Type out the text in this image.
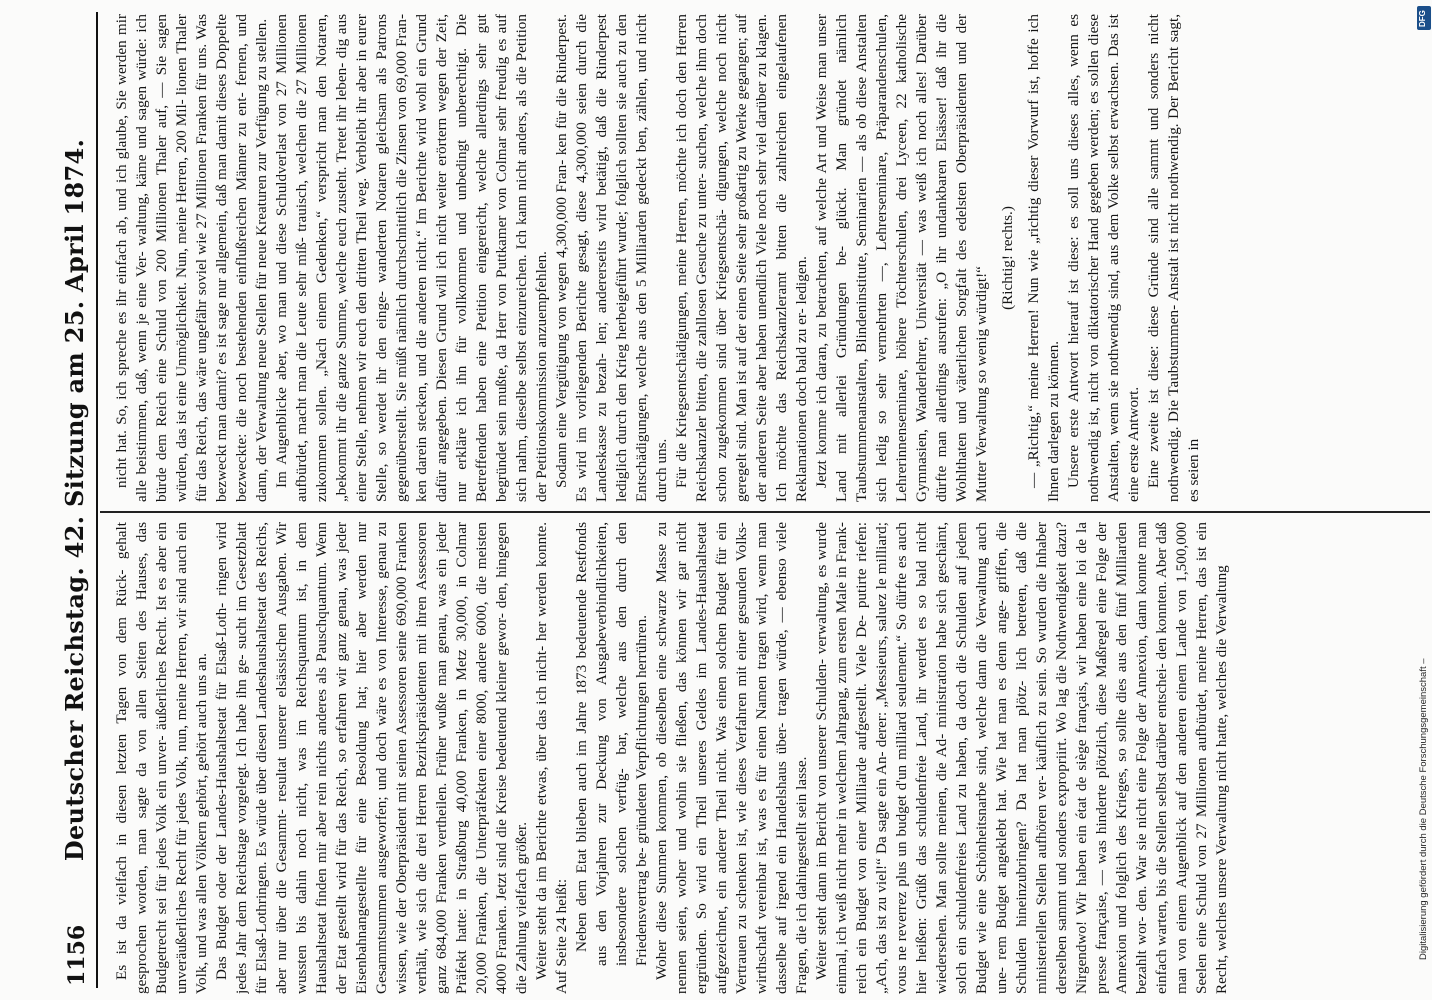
1156
Deutscher Reichstag. 42. Sitzung am 25. April 1874. Es ist da vielfach in diesen letzten Tagen von dem Rück- gehalt gesprochen worden, man sagte da von allen Seiten des Hauses, das Budgetrecht sei für jedes Volk ein unver- äußerliches Recht. Ist es aber ein unveräußerliches Recht für jedes Volk, nun, meine Herren, wir sind auch ein Volk, und was allen Völkern gehört, gehört auch uns an. Das Budget oder der Landes-Haushaltsetat für Elsaß-Loth- ringen wird jedes Jahr dem Reichstage vorgelegt. Ich habe ihn ge- sucht im Gesetzblatt für Elsaß-Lothringen. Es würde über diesen Landeshaushaltsetat des Reichs, aber nur über die Gesammt- resultat unserer elsässischen Ausgaben. Wir wussten bis dahin noch nicht, was im Reichsquantum ist, in dem Haushaltsetat finden mir aber rein nichts anderes als Pauschquantum. Wenn der Etat gestellt wird für das Reich, so erfahren wir ganz genau, was jeder Eisenbahnangestellte für eine Besoldung hat; hier aber werden nur Gesammtsummen ausgeworfen; und doch wäre es von Interesse, genau zu wissen, wie der Oberpräsident mit seinen Assessoren seine 690,000 Franken verhält, wie sich die drei Herren Bezirkspräsidenten mit ihren Assessoren ganz 684,000 Franken vertheilen. Früher wußte man genau, was ein jeder Präfekt hatte: in Straßburg 40,000 Franken, in Metz 30,000, in Colmar 20,000 Franken, die Unterpräfekten einer 8000, andere 6000, die meisten 4000 Franken. Jetzt sind die Kreise bedeutend kleiner gewor- den, hingegen die Zahlung vielfach größer. Weiter steht da im Berichte etwas, über das ich nicht- her werden konnte. Auf Seite 24 heißt: Neben dem Etat blieben auch im Jahre 1873 bedeutende Restfonds aus den Vorjahren zur Deckung von Ausgabeverbindlichkeiten, insbesondere solchen verfüg- bar, welche aus den durch den Friedensvertrag be- gründeten Verpflichtungen herrühren. Woher diese Summen kommen, ob dieselben eine schwarze Masse zu nennen seien, woher und wohin sie fließen, das können wir gar nicht ergründen. So wird ein Theil unseres Geldes im Landes-Haushaltsetat aufgezeichnet, ein anderer Theil nicht. Was einen solchen Budget für ein Vertrauen zu schenken ist, wie dieses Verfahren mit einer gesunden Volks- wirthschaft vereinbar ist, was es für einen Namen tragen wird, wenn man dasselbe auf irgend ein Handelshaus über- tragen würde, — ebenso viele Fragen, die ich dahingestellt sein lasse. Weiter steht dann im Bericht von unserer Schulden- verwaltung, es wurde einmal, ich weiß nicht mehr in welchem Jahrgang, zum ersten Male in Frank- reich ein Budget von einer Milliarde aufgestellt. Viele De- putirte riefen: „Ach, das ist zu viel!“ Da sagte ein An- derer: „Messieurs, saluez le milliard; vous ne reverrez plus un budget d'un milliard seulement.“ So dürfte es auch hier heißen: Grüßt das schuldenfreie Land, ihr werdet es so bald nicht wiedersehen. Man sollte meinen, die Ad- ministration habe sich geschämt, solch ein schuldenfreies Land zu haben, da doch die Schulden auf jedem Budget wie eine Schönheitsnarbe sind, welche dann die Verwaltung auch une- rem Budget angeklebt hat. Wie hat man es denn ange- griffen, die Schulden hineinzubringen? Da hat man plötz- lich betreten, daß die ministeriellen Stellen aufhören ver- käuflich zu sein. So wurden die Inhaber derselben sammt und sonders expropriirt. Wo lag die Nothwendigkeit dazu? Nirgendwo! Wir haben ein état de siège français, wir haben eine loi de la presse française, — was hinderte plötzlich, diese Maßregel eine Folge der Annexion und folglich des Krieges, so sollte dies aus den fünf Milliarden bezahlt wor- den. War sie nicht eine Folge der Annexion, dann konnte man einfach warten, bis die Stellen selbst darüber entschei- den konnten. Aber daß man von einem Augenblick auf den anderen einem Lande von 1,500,000 Seelen eine Schuld von 27 Millionen aufbürdet, meine Herren, das ist ein Recht, welches unsere Verwaltung nicht hatte, welches die Verwaltung

nicht hat. So, ich spreche es ihr einfach ab, und ich glaube, Sie werden mir alle beistimmen, daß, wenn je eine Ver- waltung, käme und sagen würde: ich bürde dem Reich eine Schuld von 200 Millionen Thaler auf, — Sie sagen würden, das ist eine Unmöglichkeit. Nun, meine Herren, 200 Mil- lionen Thaler für das Reich, das wäre ungefähr soviel wie 27 Millionen Franken für uns. Was bezweckt man damit? es ist sage nur allgemein, daß man damit dieses Doppelte bezweckte: die noch bestehenden einflußreichen Männer zu ent- fernen, und dann, der Verwaltung neue Stellen für neue Kreaturen zur Verfügung zu stellen. Im Augenblicke aber, wo man und diese Schuldverlast von 27 Millionen aufbürdet, macht man die Leute sehr miß- trauisch, welchen die 27 Millionen zukommen sollen. „Nach einem Gedenken,“ verspricht man den Notaren, „bekommt ihr die ganze Summe, welche euch zusteht. Tretet ihr leben- dig aus einer Stelle, nehmen wir euch den dritten Theil weg. Verbleibt ihr aber in eurer Stelle, so werdet ihr den einge- wanderten Notaren gleichsam als Patrons gegenüberstellt. Sie müßt nämlich durchschnittlich die Zinsen von 69,000 Fran- ken darein stecken, und die anderen nicht.“ Im Berichte wird wohl ein Grund dafür angegeben. Diesen Grund will ich nicht weiter erörtern wegen der Zeit, nur erkläre ich ihn für vollkommen und unbedingt unberechtigt. Die Betreffenden haben eine Petition eingereicht, welche allerdings sehr gut begründet sein mußte, da Herr von Puttkamer von Colmar sehr freudig es auf sich nahm, dieselbe selbst einzureichen. Ich kann nicht anders, als die Petition der Petitionskommission anzuempfehlen. Sodann eine Vergütigung von wegen 4,300,000 Fran- ken für die Rinderpest. Es wird im vorliegenden Berichte gesagt, diese 4,300,000 seien durch die Landeskasse zu bezah- len; andererseits wird betätigt, daß die Rinderpest lediglich durch den Krieg herbeigeführt wurde; folglich sollten sie auch zu den Entschädigungen, welche aus den 5 Milliarden gedeckt ben, zählen, und nicht durch uns. Für die Kriegsentschädigungen, meine Herren, möchte ich doch den Herren Reichskanzler bitten, die zahllosen Gesuche zu unter- suchen, welche ihm doch schon zugekommen sind über Kriegsentschä- digungen, welche noch nicht geregelt sind. Man ist auf der einen Seite sehr großartig zu Werke gegangen; auf der anderen Seite aber haben unendlich Viele noch sehr viel darüber zu klagen. Ich möchte das Reichskanzleramt bitten die zahlreichen eingelaufenen Reklamationen doch bald zu er- ledigen. Jetzt komme ich daran, zu betrachten, auf welche Art und Weise man unser Land mit allerlei Gründungen be- glückt. Man gründet nämlich Taubstummenanstalten, Blindeninstitute, Seminarien — als ob diese Anstalten sich ledig so sehr vermehrten —, Lehrerseminare, Präparandenschulen, Lehrerinnenseminare, höhere Töchterschulen, drei Lyceen, 22 katholische Gymnasien, Wanderlehrer, Universität — was weiß ich noch alles! Darüber dürfte man allerdings ausrufen: „O ihr undankbaren Elsässer! daß ihr die Wohlthaten und väterlichen Sorgfalt des edelsten Oberpräsidenten und der Mutter Verwaltung so wenig würdigt!“

(Richtig! rechts.) — „Richtig,“ meine Herren! Nun wie „richtig dieser Vorwurf ist, hoffe ich Ihnen darlegen zu können. Unsere erste Antwort hierauf ist diese: es soll uns dieses alles, wenn es nothwendig ist, nicht von diktatorischer Hand gegeben werden; es sollen diese Anstalten, wenn sie nothwendig sind, aus dem Volke selbst erwachsen. Das ist eine erste Antwort. Eine zweite ist diese: diese Gründe sind alle sammt und sonders nicht nothwendig. Die Taubstummen- Anstalt ist nicht nothwendig. Der Bericht sagt, es seien in

Digitalisierung gefördert durch die Deutsche Forschungsgemeinschaft –
DFG
